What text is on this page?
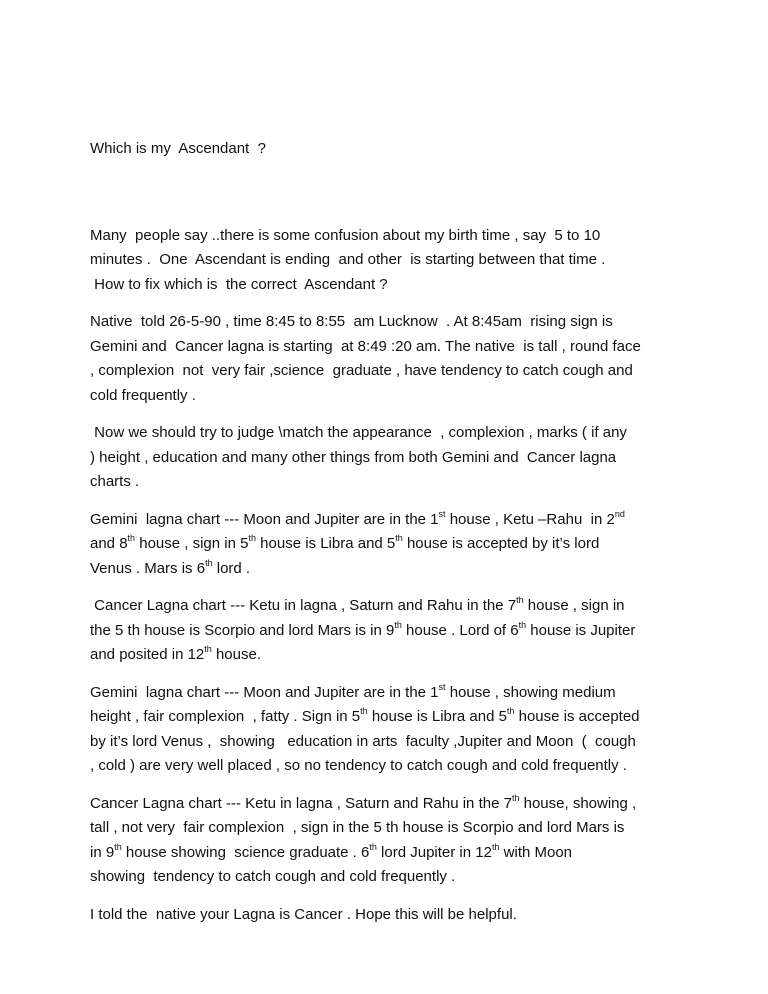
Which is my  Ascendant  ?

Many  people say ..there is some confusion about my birth time , say  5 to 10
minutes .  One  Ascendant is ending  and other  is starting between that time .
How to fix which is  the correct  Ascendant ?
Native  told 26-5-90 , time 8:45 to 8:55  am Lucknow  . At 8:45am  rising sign is
Gemini and  Cancer lagna is starting  at 8:49 :20 am. The native  is tall , round face
, complexion  not  very fair ,science  graduate , have tendency to catch cough and
cold frequently .
Now we should try to judge \match the appearance  , complexion , marks ( if any
) height , education and many other things from both Gemini and  Cancer lagna
charts .
Gemini  lagna chart --- Moon and Jupiter are in the 1st house , Ketu –Rahu  in 2nd
and 8th house , sign in 5th house is Libra and 5th house is accepted by it’s lord
Venus . Mars is 6th lord .
Cancer Lagna chart --- Ketu in lagna , Saturn and Rahu in the 7th house , sign in
the 5 th house is Scorpio and lord Mars is in 9th house . Lord of 6th house is Jupiter
and posited in 12th house.
Gemini  lagna chart --- Moon and Jupiter are in the 1st house , showing medium
height , fair complexion  , fatty . Sign in 5th house is Libra and 5th house is accepted
by it’s lord Venus ,  showing   education in arts  faculty ,Jupiter and Moon  (  cough
, cold ) are very well placed , so no tendency to catch cough and cold frequently .
Cancer Lagna chart --- Ketu in lagna , Saturn and Rahu in the 7th house, showing ,
tall , not very  fair complexion  , sign in the 5 th house is Scorpio and lord Mars is
in 9th house showing  science graduate . 6th lord Jupiter in 12th with Moon
showing  tendency to catch cough and cold frequently .
I told the  native your Lagna is Cancer . Hope this will be helpful.
